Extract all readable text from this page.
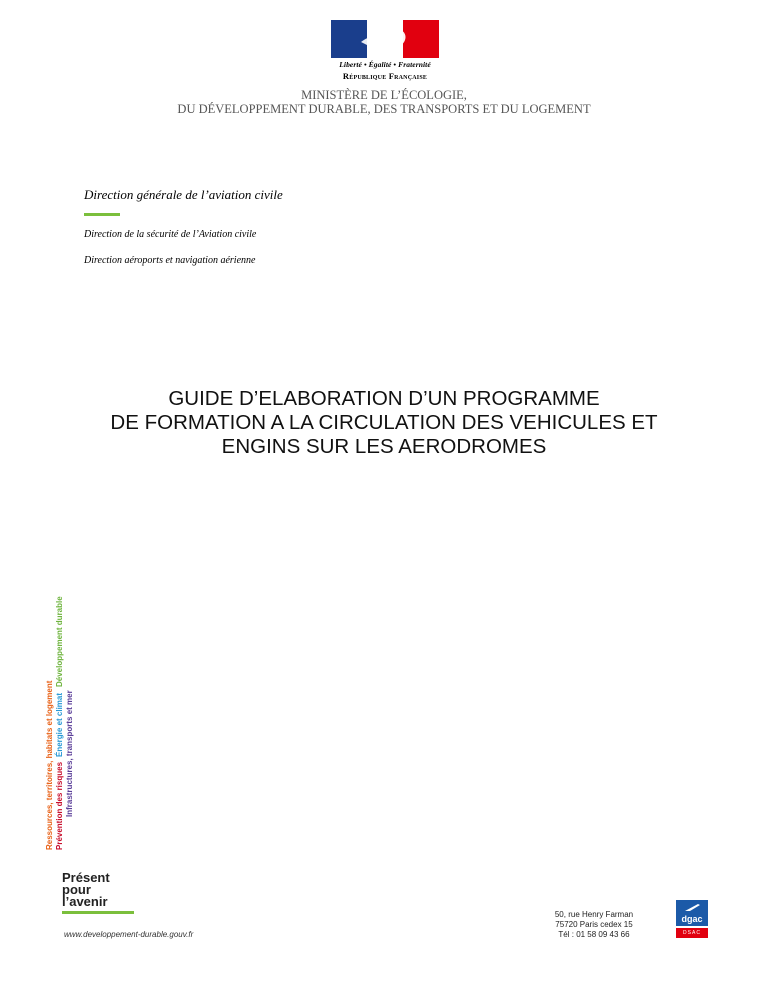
Liberté • Égalité • Fraternité
République Française
MINISTÈRE DE L’ÉCOLOGIE,
DU DÉVELOPPEMENT DURABLE, DES TRANSPORTS ET DU LOGEMENT
Direction générale de l’aviation civile
Direction de la sécurité de l’Aviation civile
Direction aéroports et navigation aérienne
GUIDE D’ELABORATION D’UN PROGRAMME
DE FORMATION A LA CIRCULATION DES VEHICULES ET
ENGINS SUR LES AERODROMES
Ressources, territoires, habitats et logement Prévention des risques
Énergie et climat Infrastructures, transports et mer
Développement durable
Présent
pour
l’avenir
www.developpement-durable.gouv.fr
50, rue Henry Farman
75720 Paris cedex 15
Tél : 01 58 09 43 66
dgac
DSAC
